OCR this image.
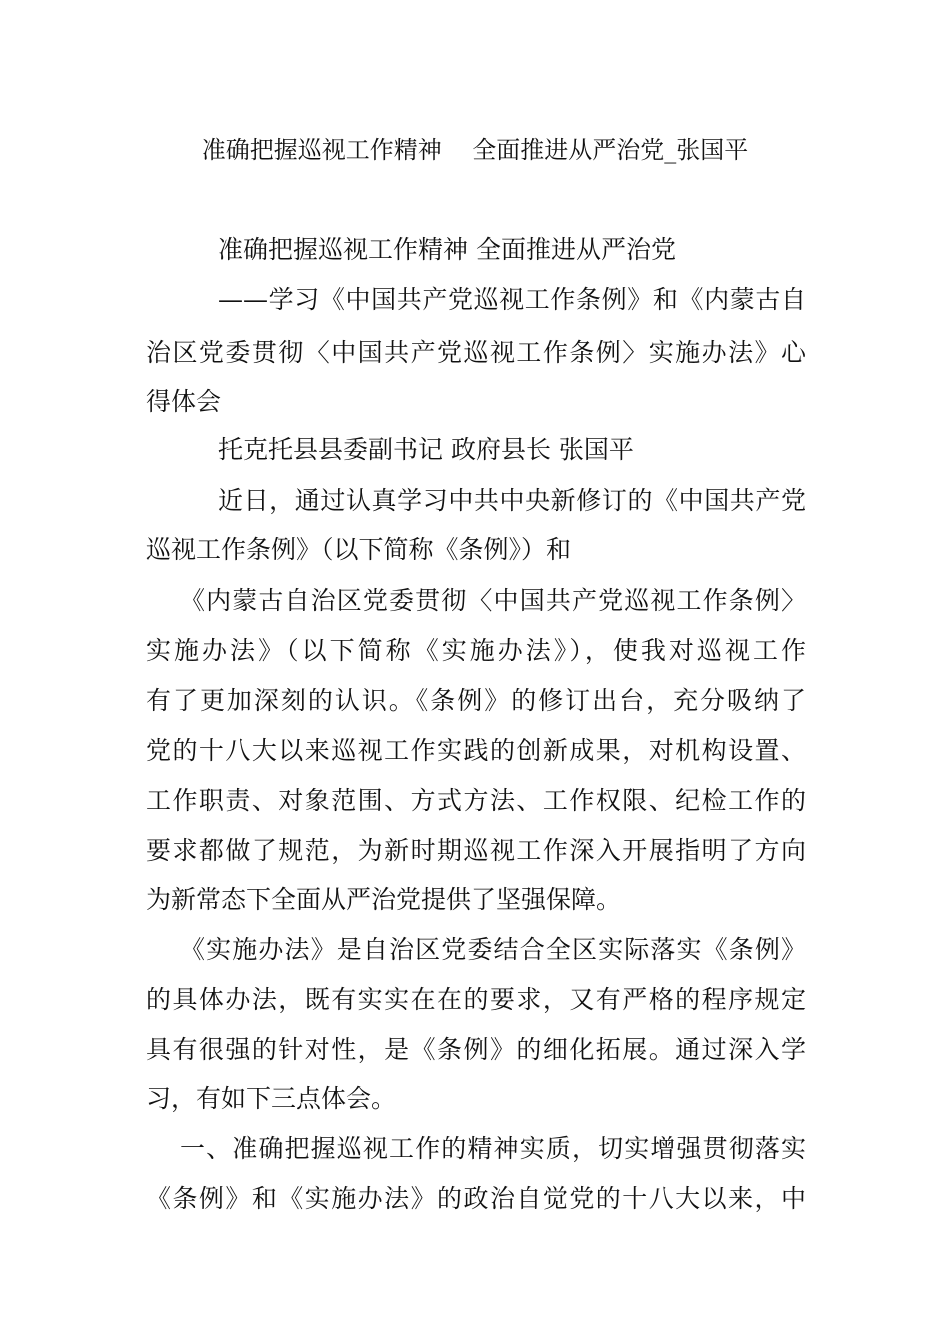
准确把握巡视工作精神    全面推进从严治党_张国平

准确把握巡视工作精神 全面推进从严治党

——学习《中国共产党巡视工作条例》和《内蒙古自

治区党委贯彻〈中国共产党巡视工作条例〉实施办法》心

得体会

托克托县县委副书记 政府县长 张国平

近日，通过认真学习中共中央新修订的《中国共产党

巡视工作条例》（以下简称《条例》）和

《内蒙古自治区党委贯彻〈中国共产党巡视工作条例〉

实施办法》（以下简称《实施办法》），使我对巡视工作

有了更加深刻的认识。《条例》的修订出台，充分吸纳了

党的十八大以来巡视工作实践的创新成果，对机构设置、

工作职责、对象范围、方式方法、工作权限、纪检工作的

要求都做了规范，为新时期巡视工作深入开展指明了方向

为新常态下全面从严治党提供了坚强保障。

《实施办法》是自治区党委结合全区实际落实《条例》

的具体办法，既有实实在在的要求，又有严格的程序规定

具有很强的针对性，是《条例》的细化拓展。通过深入学

习，有如下三点体会。

一、准确把握巡视工作的精神实质，切实增强贯彻落实

《条例》和《实施办法》的政治自觉党的十八大以来，中
